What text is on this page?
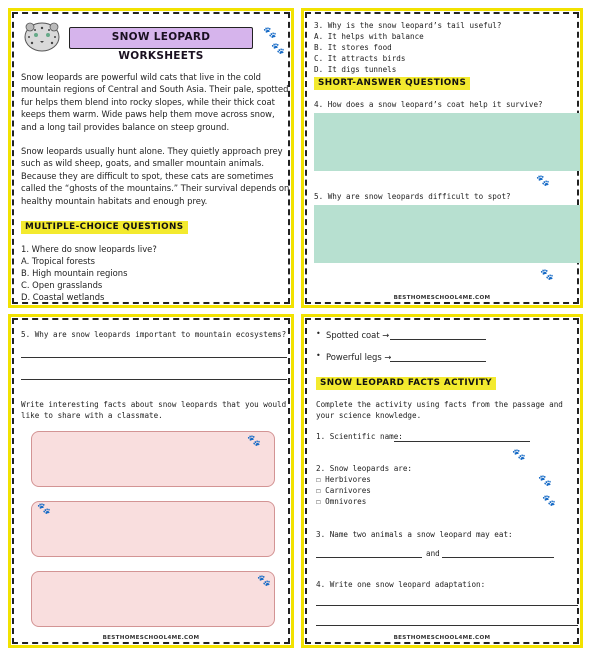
SNOW LEOPARD WORKSHEETS
🐾
🐾

Snow leopards are powerful wild cats that live in the cold mountain regions of Central and South Asia. Their pale, spotted fur helps them blend into rocky slopes, while their thick coat keeps them warm. Wide paws help them move across snow, and a long tail provides balance on steep ground.

Snow leopards usually hunt alone. They quietly approach prey such as wild sheep, goats, and smaller mountain animals. Because they are difficult to spot, these cats are sometimes called the “ghosts of the mountains.” Their survival depends on healthy mountain habitats and enough prey.

MULTIPLE-CHOICE QUESTIONS
1. Where do snow leopards live?
A. Tropical forests
B. High mountain regions
C. Open grasslands
D. Coastal wetlands
3. Why is the snow leopard’s tail useful?
A. It helps with balance
B. It stores food
C. It attracts birds
D. It digs tunnels
SHORT-ANSWER QUESTIONS
4. How does a snow leopard’s coat help it survive?
🐾
5. Why are snow leopards difficult to spot?
🐾
BESTHOMESCHOOL4ME.COM
5. Why are snow leopards important to mountain ecosystems?

Write interesting facts about snow leopards that you would like to share with a classmate.

🐾
🐾
🐾
BESTHOMESCHOOL4ME.COM
• Spotted coat →
• Powerful legs →
SNOW LEOPARD FACTS ACTIVITY

Complete the activity using facts from the passage and your science knowledge.

1. Scientific name:
2. Snow leopards are:
☐ Herbivores
☐ Carnivores
☐ Omnivores
🐾
🐾
🐾
3. Name two animals a snow leopard may eat:
and
4. Write one snow leopard adaptation:
BESTHOMESCHOOL4ME.COM
